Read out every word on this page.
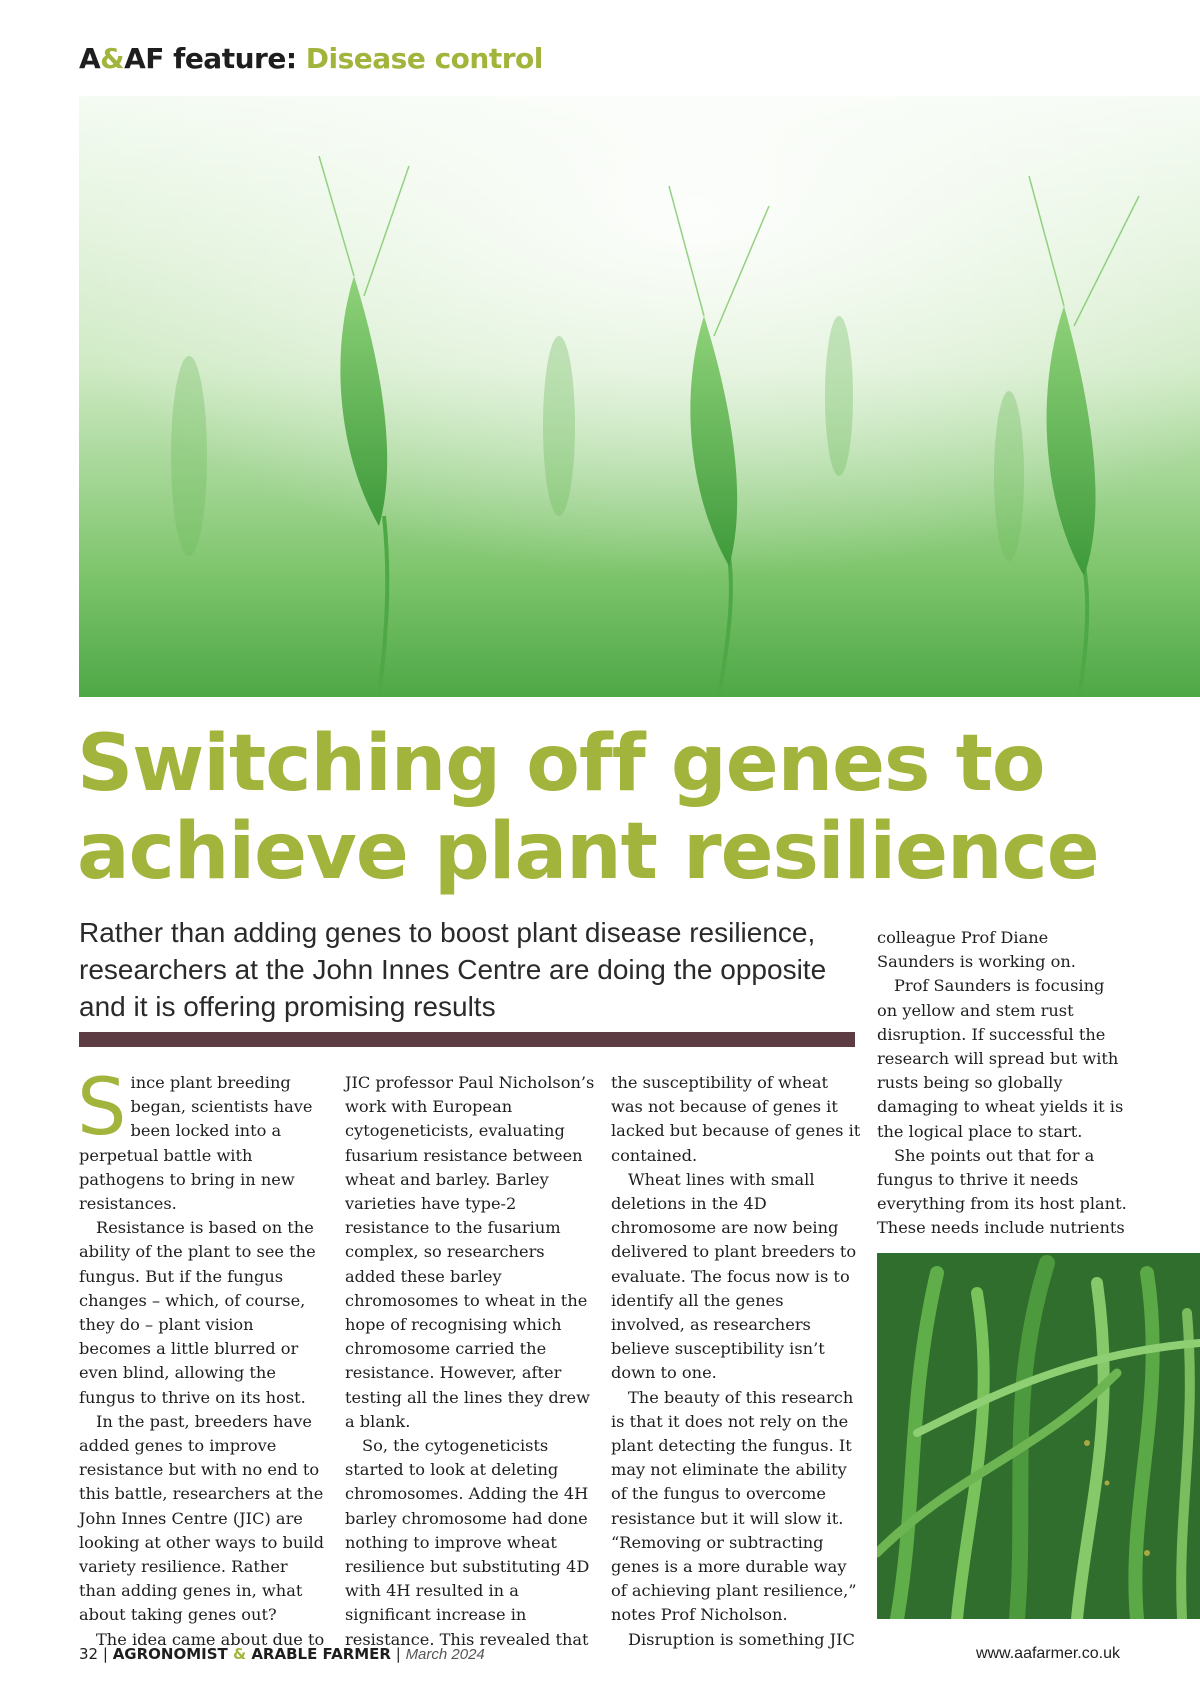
A&AF feature: Disease control
Switching off genes to
achieve plant resilience

Rather than adding genes to boost plant disease resilience, researchers at the John Innes Centre are doing the opposite and it is offering promising results

Since plant breeding began, scientists have been locked into a perpetual battle with pathogens to bring in new resistances.

Resistance is based on the ability of the plant to see the fungus. But if the fungus changes – which, of course, they do – plant vision becomes a little blurred or even blind, allowing the fungus to thrive on its host.

In the past, breeders have added genes to improve resistance but with no end to this battle, researchers at the John Innes Centre (JIC) are looking at other ways to build variety resilience. Rather than adding genes in, what about taking genes out?

The idea came about due to

JIC professor Paul Nicholson’s work with European cytogeneticists, evaluating fusarium resistance between wheat and barley. Barley varieties have type-2 resistance to the fusarium complex, so researchers added these barley chromosomes to wheat in the hope of recognising which chromosome carried the resistance. However, after testing all the lines they drew a blank.

So, the cytogeneticists started to look at deleting chromosomes. Adding the 4H barley chromosome had done nothing to improve wheat resilience but substituting 4D with 4H resulted in a significant increase in resistance. This revealed that

the susceptibility of wheat was not because of genes it lacked but because of genes it contained.

Wheat lines with small deletions in the 4D chromosome are now being delivered to plant breeders to evaluate. The focus now is to identify all the genes involved, as researchers believe susceptibility isn’t down to one.

The beauty of this research is that it does not rely on the plant detecting the fungus. It may not eliminate the ability of the fungus to overcome resistance but it will slow it. “Removing or subtracting genes is a more durable way of achieving plant resilience,” notes Prof Nicholson.

Disruption is something JIC

colleague Prof Diane Saunders is working on.

Prof Saunders is focusing on yellow and stem rust disruption. If successful the research will spread but with rusts being so globally damaging to wheat yields it is the logical place to start.

She points out that for a fungus to thrive it needs everything from its host plant. These needs include nutrients

32 | AGRONOMIST & ARABLE FARMER | March 2024	www.aafarmer.co.uk
